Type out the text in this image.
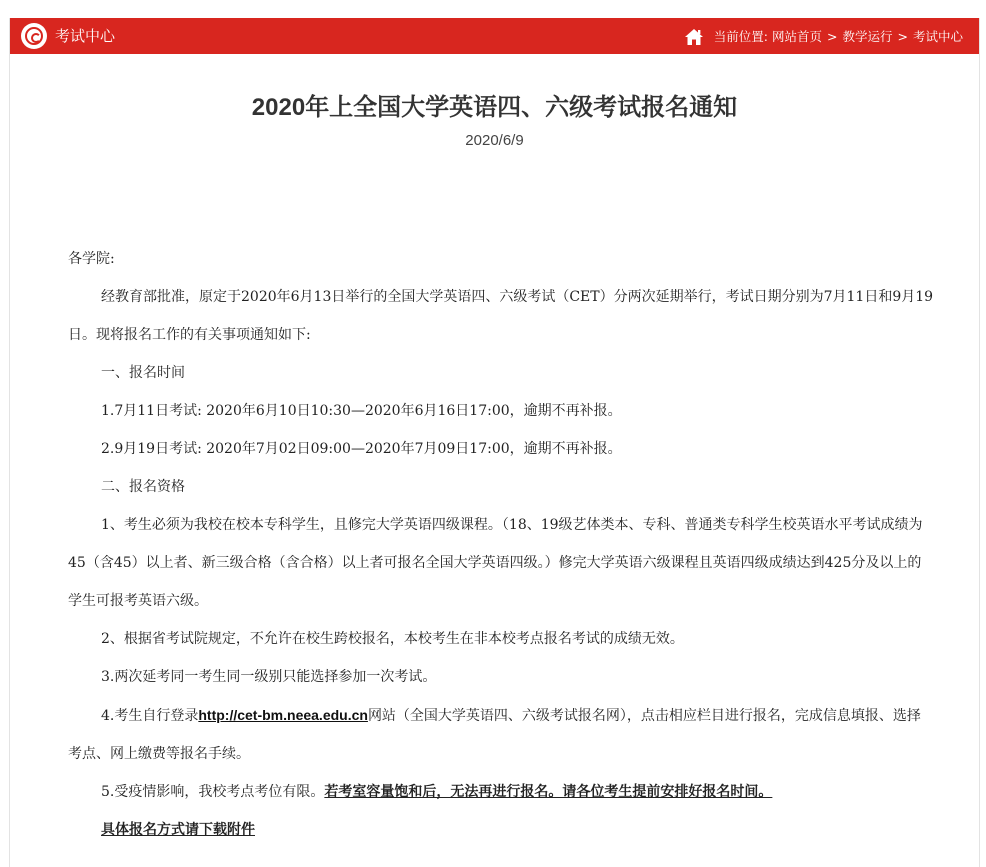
考试中心	当前位置: 网站首页 > 教学运行 > 考试中心
2020年上全国大学英语四、六级考试报名通知
2020/6/9

各学院:

经教育部批准，原定于2020年6月13日举行的全国大学英语四、六级考试（CET）分两次延期举行，考试日期分别为7月11日和9月19日。现将报名工作的有关事项通知如下:

一、报名时间

1.7月11日考试: 2020年6月10日10:30—2020年6月16日17:00，逾期不再补报。

2.9月19日考试: 2020年7月02日09:00—2020年7月09日17:00，逾期不再补报。

二、报名资格

1、考生必须为我校在校本专科学生，且修完大学英语四级课程。（18、19级艺体类本、专科、普通类专科学生校英语水平考试成绩为45（含45）以上者、新三级合格（含合格）以上者可报名全国大学英语四级。）修完大学英语六级课程且英语四级成绩达到425分及以上的学生可报考英语六级。

2、根据省考试院规定，不允许在校生跨校报名，本校考生在非本校考点报名考试的成绩无效。

3.两次延考同一考生同一级别只能选择参加一次考试。

4.考生自行登录http://cet-bm.neea.edu.cn网站（全国大学英语四、六级考试报名网），点击相应栏目进行报名，完成信息填报、选择考点、网上缴费等报名手续。

5.受疫情影响，我校考点考位有限。若考室容量饱和后，无法再进行报名。请各位考生提前安排好报名时间。

具体报名方式请下载附件
